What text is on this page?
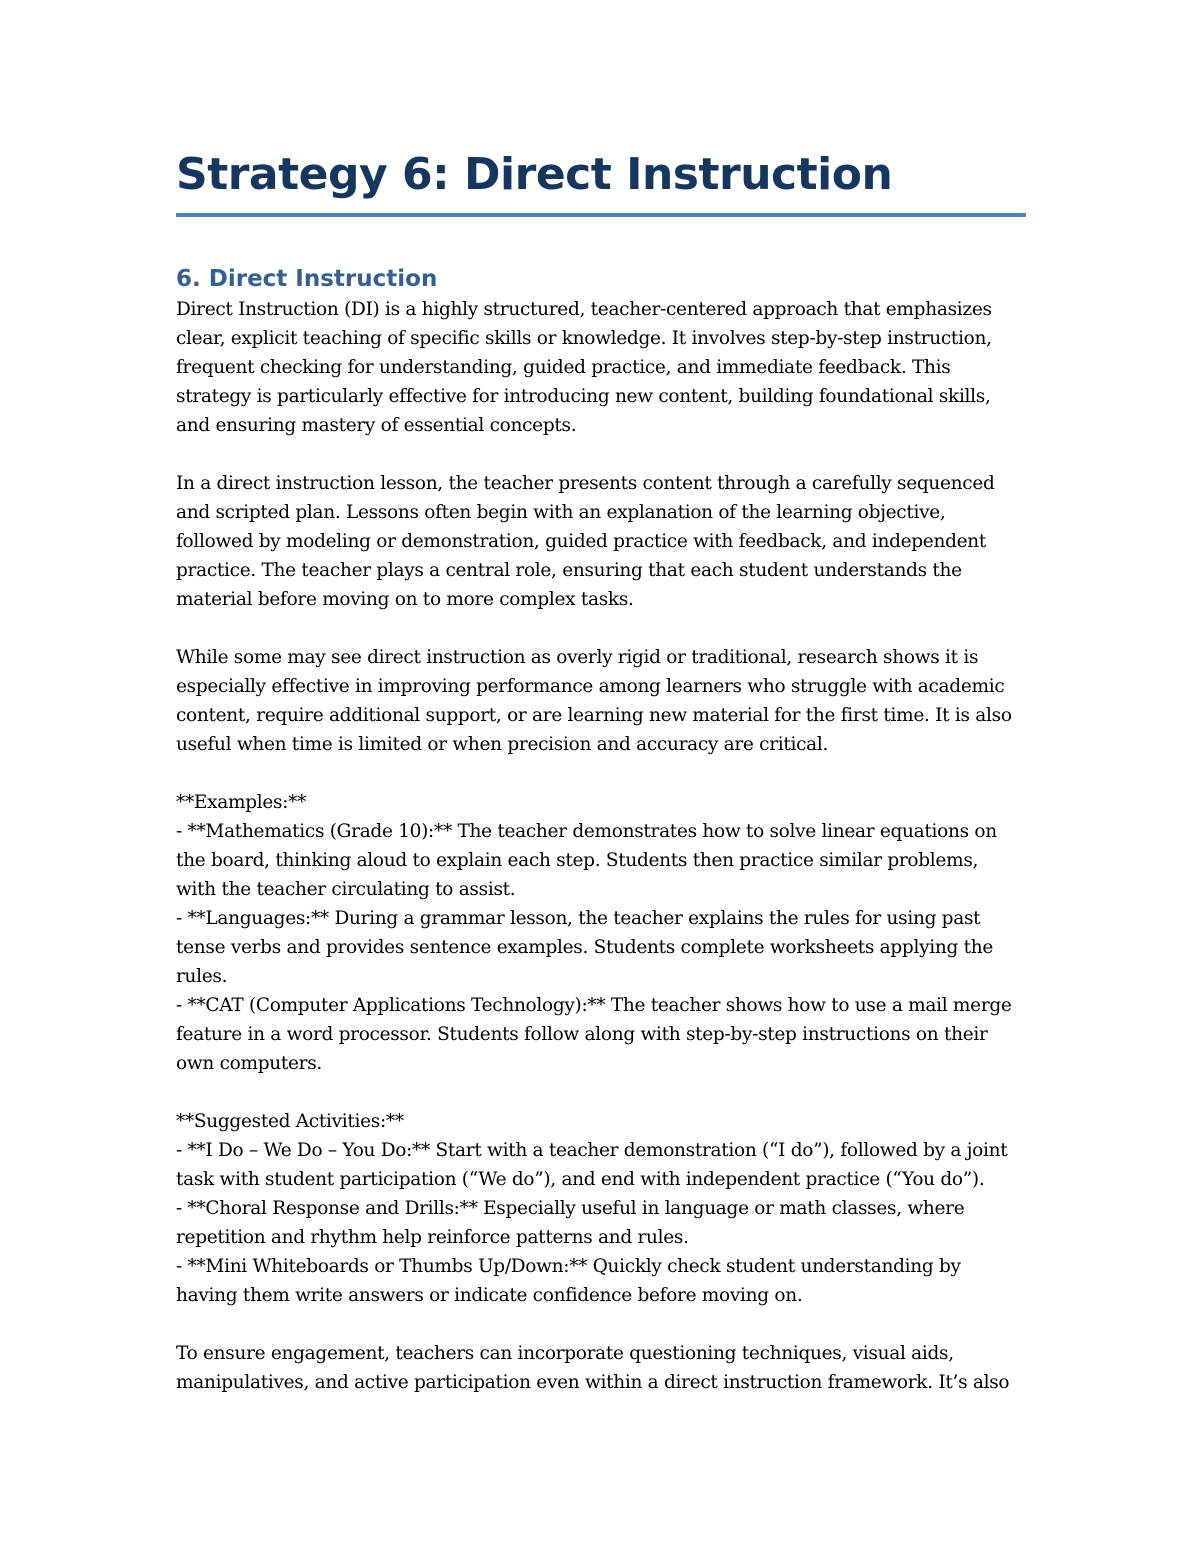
Strategy 6: Direct Instruction
6. Direct Instruction

Direct Instruction (DI) is a highly structured, teacher-centered approach that emphasizes clear, explicit teaching of specific skills or knowledge. It involves step-by-step instruction, frequent checking for understanding, guided practice, and immediate feedback. This strategy is particularly effective for introducing new content, building foundational skills, and ensuring mastery of essential concepts.

In a direct instruction lesson, the teacher presents content through a carefully sequenced and scripted plan. Lessons often begin with an explanation of the learning objective, followed by modeling or demonstration, guided practice with feedback, and independent practice. The teacher plays a central role, ensuring that each student understands the material before moving on to more complex tasks.

While some may see direct instruction as overly rigid or traditional, research shows it is especially effective in improving performance among learners who struggle with academic content, require additional support, or are learning new material for the first time. It is also useful when time is limited or when precision and accuracy are critical.

**Examples:**

- **Mathematics (Grade 10):** The teacher demonstrates how to solve linear equations on the board, thinking aloud to explain each step. Students then practice similar problems, with the teacher circulating to assist.

- **Languages:** During a grammar lesson, the teacher explains the rules for using past tense verbs and provides sentence examples. Students complete worksheets applying the rules.

- **CAT (Computer Applications Technology):** The teacher shows how to use a mail merge feature in a word processor. Students follow along with step-by-step instructions on their own computers.

**Suggested Activities:**

- **I Do – We Do – You Do:** Start with a teacher demonstration (“I do”), followed by a joint task with student participation (“We do”), and end with independent practice (“You do”).

- **Choral Response and Drills:** Especially useful in language or math classes, where repetition and rhythm help reinforce patterns and rules.

- **Mini Whiteboards or Thumbs Up/Down:** Quickly check student understanding by having them write answers or indicate confidence before moving on.

To ensure engagement, teachers can incorporate questioning techniques, visual aids, manipulatives, and active participation even within a direct instruction framework. It’s also
